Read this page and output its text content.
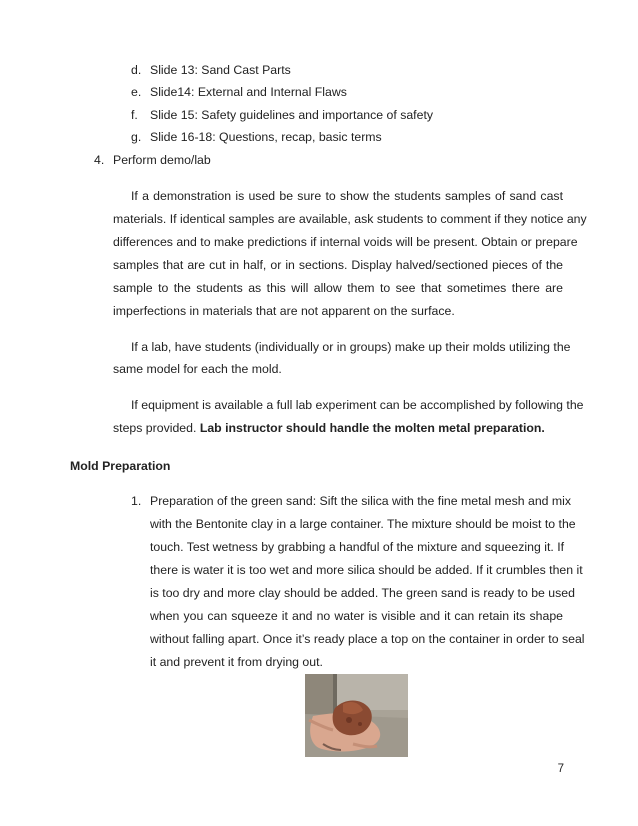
d. Slide 13: Sand Cast Parts
e. Slide14: External and Internal Flaws
f. Slide 15: Safety guidelines and importance of safety
g. Slide 16-18: Questions, recap, basic terms
4. Perform demo/lab
If a demonstration is used be sure to show the students samples of sand cast
materials. If identical samples are available, ask students to comment if they notice any
differences and to make predictions if internal voids will be present. Obtain or prepare
samples that are cut in half, or in sections. Display halved/sectioned pieces of the
sample to the students as this will allow them to see that sometimes there are
imperfections in materials that are not apparent on the surface.
If a lab, have students (individually or in groups) make up their molds utilizing the
same model for each the mold.
If equipment is available a full lab experiment can be accomplished by following the
steps provided. Lab instructor should handle the molten metal preparation.
Mold Preparation
1. Preparation of the green sand: Sift the silica with the fine metal mesh and mix
with the Bentonite clay in a large container. The mixture should be moist to the
touch. Test wetness by grabbing a handful of the mixture and squeezing it. If
there is water it is too wet and more silica should be added. If it crumbles then it
is too dry and more clay should be added. The green sand is ready to be used
when you can squeeze it and no water is visible and it can retain its shape
without falling apart. Once it’s ready place a top on the container in order to seal
it and prevent it from drying out.
7
